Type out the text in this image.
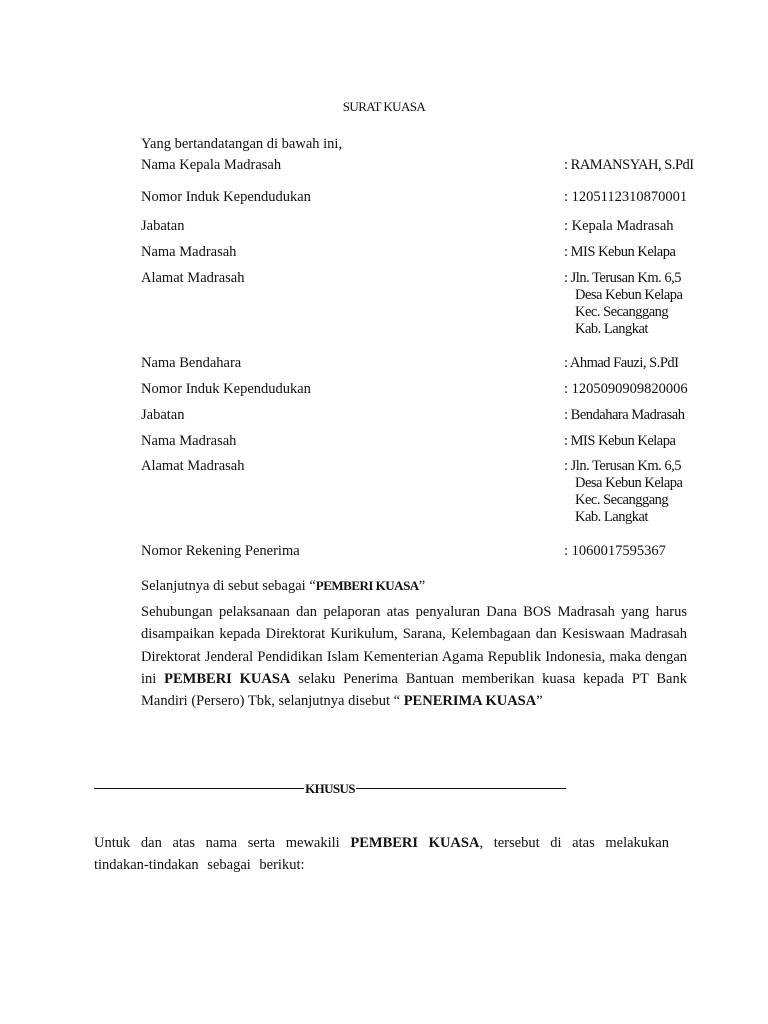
SURAT KUASA
Yang bertandatangan di bawah ini,
Nama Kepala Madrasah	: RAMANSYAH, S.PdI
Nomor Induk Kependudukan	: 1205112310870001
Jabatan	: Kepala Madrasah
Nama Madrasah	: MIS Kebun Kelapa
Alamat Madrasah	: Jln. Terusan Km. 6,5
Desa Kebun Kelapa
Kec. Secanggang
Kab. Langkat
Nama Bendahara	: Ahmad Fauzi, S.PdI
Nomor Induk Kependudukan	: 1205090909820006
Jabatan	: Bendahara Madrasah
Nama Madrasah	: MIS Kebun Kelapa
Alamat Madrasah	: Jln. Terusan Km. 6,5
Desa Kebun Kelapa
Kec. Secanggang
Kab. Langkat
Nomor Rekening Penerima	: 1060017595367
Selanjutnya di sebut sebagai “PEMBERI KUASA”
Sehubungan pelaksanaan dan pelaporan atas penyaluran Dana BOS Madrasah yang harus disampaikan kepada Direktorat Kurikulum, Sarana, Kelembagaan dan Kesiswaan Madrasah Direktorat Jenderal Pendidikan Islam Kementerian Agama Republik Indonesia, maka dengan ini PEMBERI KUASA selaku Penerima Bantuan memberikan kuasa kepada PT Bank Mandiri (Persero) Tbk, selanjutnya disebut “ PENERIMA KUASA”
KHUSUS
Untuk dan atas nama serta mewakili PEMBERI KUASA, tersebut di atas melakukan tindakan-tindakan sebagai berikut:
